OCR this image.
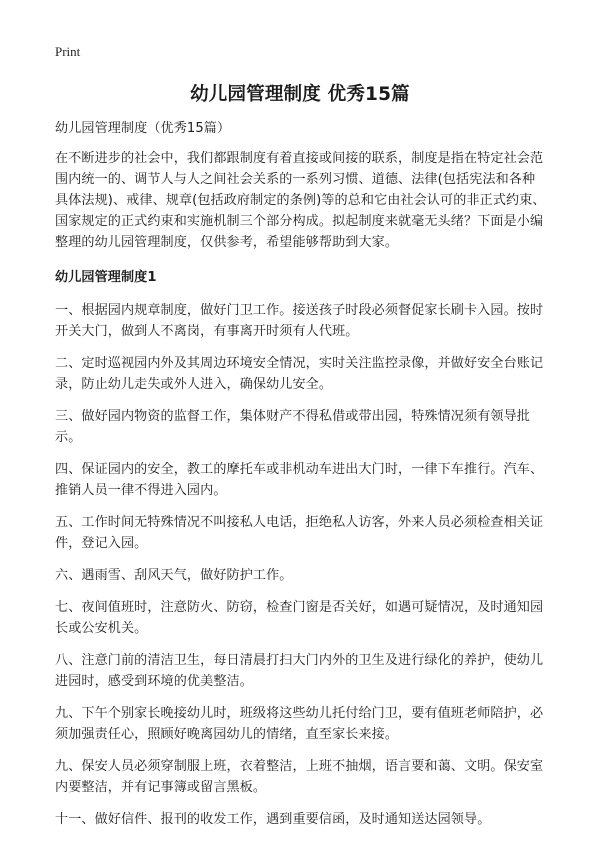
Print
幼儿园管理制度 优秀15篇

幼儿园管理制度（优秀15篇）

在不断进步的社会中，我们都跟制度有着直接或间接的联系，制度是指在特定社会范围内统一的、调节人与人之间社会关系的一系列习惯、道德、法律(包括宪法和各种具体法规)、戒律、规章(包括政府制定的条例)等的总和它由社会认可的非正式约束、国家规定的正式约束和实施机制三个部分构成。拟起制度来就毫无头绪？下面是小编整理的幼儿园管理制度，仅供参考，希望能够帮助到大家。

幼儿园管理制度1

一、根据园内规章制度，做好门卫工作。接送孩子时段必须督促家长刷卡入园。按时开关大门，做到人不离岗，有事离开时须有人代班。

二、定时巡视园内外及其周边环境安全情况，实时关注监控录像，并做好安全台账记录，防止幼儿走失或外人进入，确保幼儿安全。

三、做好园内物资的监督工作，集体财产不得私借或带出园，特殊情况须有领导批示。

四、保证园内的安全，教工的摩托车或非机动车进出大门时，一律下车推行。汽车、推销人员一律不得进入园内。

五、工作时间无特殊情况不叫接私人电话，拒绝私人访客，外来人员必须检查相关证件，登记入园。

六、遇雨雪、刮风天气，做好防护工作。

七、夜间值班时，注意防火、防窃，检查门窗是否关好，如遇可疑情况，及时通知园长或公安机关。

八、注意门前的清洁卫生，每日清晨打扫大门内外的卫生及进行绿化的养护，使幼儿进园时，感受到环境的优美整洁。

九、下午个别家长晚接幼儿时，班级将这些幼儿托付给门卫，要有值班老师陪护，必须加强责任心，照顾好晚离园幼儿的情绪，直至家长来接。

九、保安人员必须穿制服上班，衣着整洁，上班不抽烟，语言要和蔼、文明。保安室内要整洁，并有记事簿或留言黑板。

十一、做好信件、报刊的收发工作，遇到重要信函，及时通知送达园领导。
